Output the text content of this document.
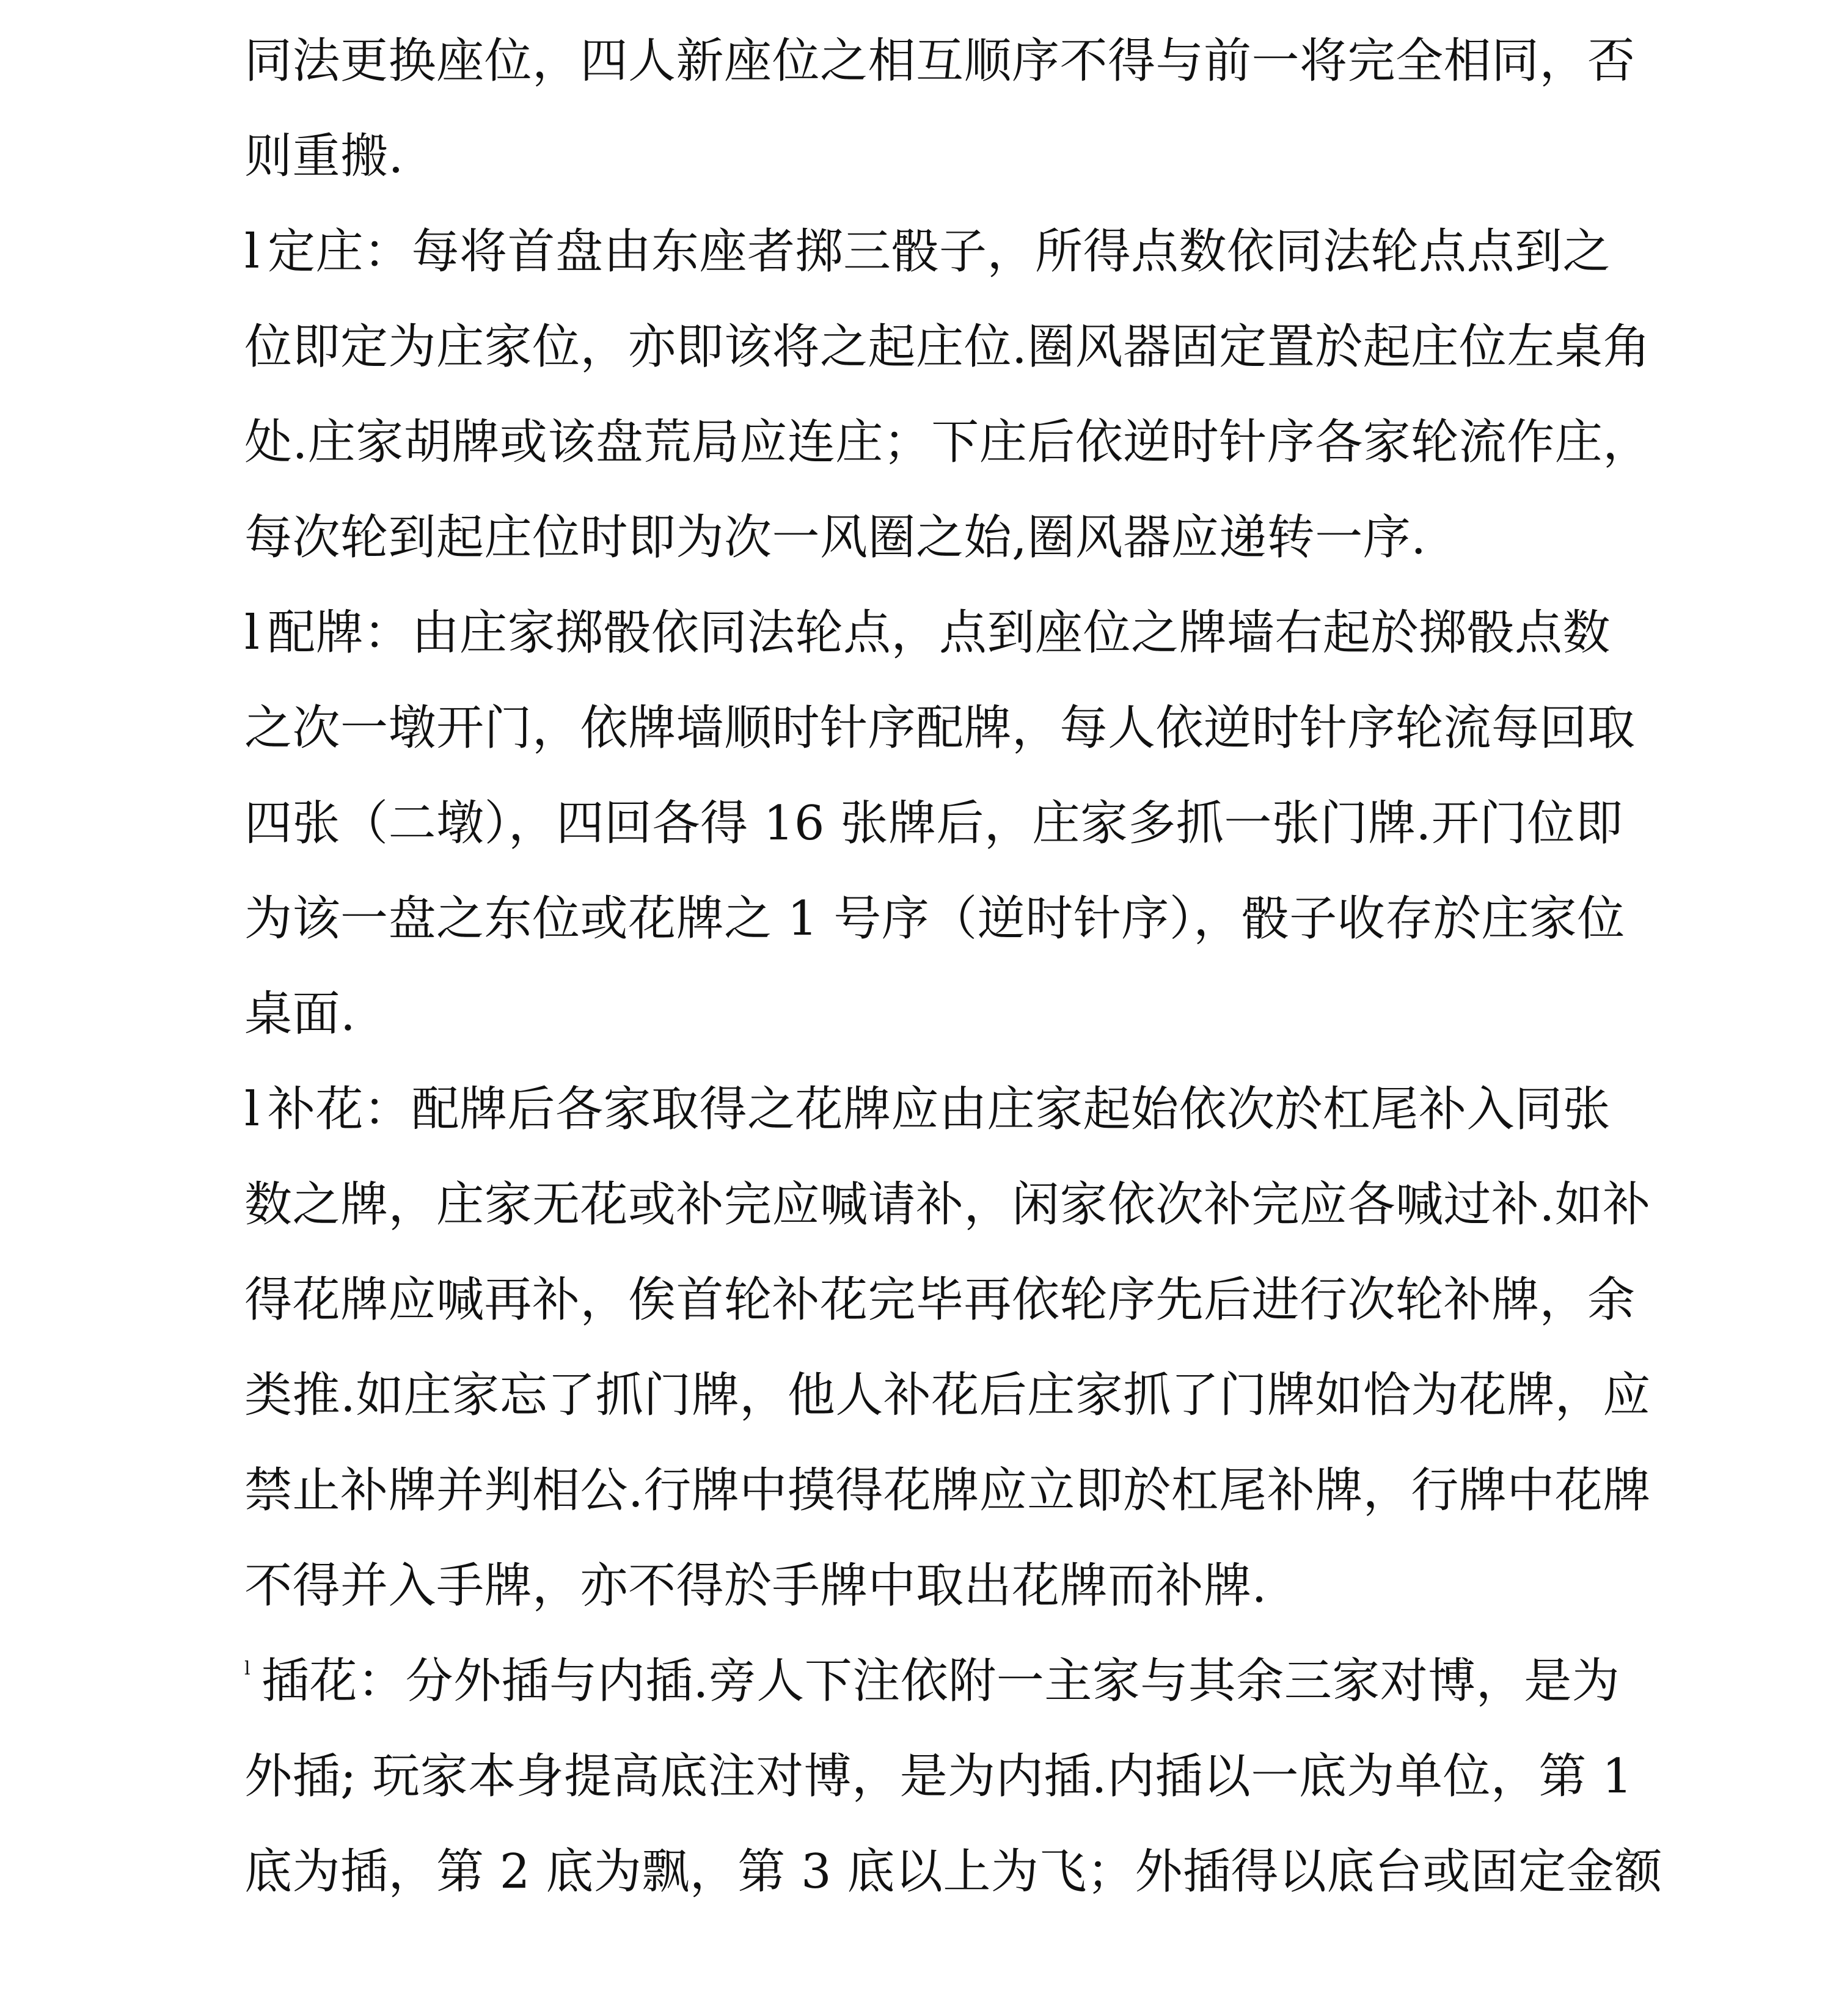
同法更换座位，四人新座位之相互顺序不得与前一将完全相同，否
则重搬.
l 定庄：每将首盘由东座者掷三骰子，所得点数依同法轮点点到之
位即定为庄家位，亦即该将之起庄位.圈风器固定置於起庄位左桌角
处.庄家胡牌或该盘荒局应连庄；下庄后依逆时针序各家轮流作庄，
每次轮到起庄位时即为次一风圈之始,圈风器应递转一序.
l 配牌：由庄家掷骰依同法轮点，点到座位之牌墙右起於掷骰点数
之次一墩开门，依牌墙顺时针序配牌，每人依逆时针序轮流每回取
四张（二墩），四回各得 16 张牌后，庄家多抓一张门牌.开门位即
为该一盘之东位或花牌之 1 号序（逆时针序），骰子收存於庄家位
桌面.
l 补花：配牌后各家取得之花牌应由庄家起始依次於杠尾补入同张
数之牌，庄家无花或补完应喊请补，闲家依次补完应各喊过补.如补
得花牌应喊再补，俟首轮补花完毕再依轮序先后进行次轮补牌，余
类推.如庄家忘了抓门牌，他人补花后庄家抓了门牌如恰为花牌，应
禁止补牌并判相公.行牌中摸得花牌应立即於杠尾补牌，行牌中花牌
不得并入手牌，亦不得於手牌中取出花牌而补牌.
l 插花：分外插与内插.旁人下注依附一主家与其余三家对博，是为
外插; 玩家本身提高底注对博，是为内插.内插以一底为单位，第 1
底为插，第 2 底为飘，第 3 底以上为飞；外插得以底台或固定金额
